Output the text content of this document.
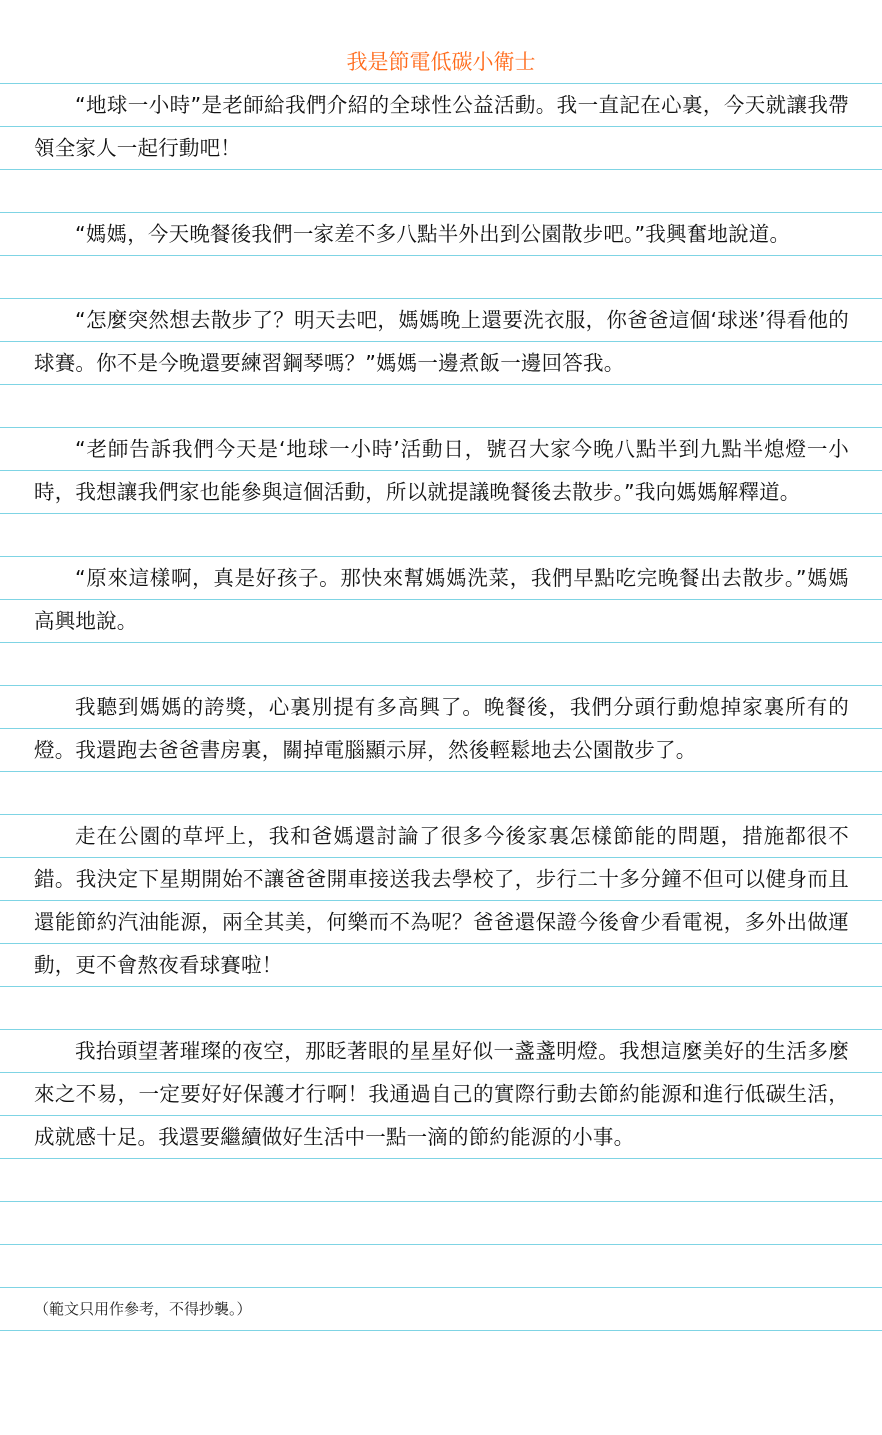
我是節電低碳小衛士

“地球一小時”是老師給我們介紹的全球性公益活動。我一直記在心裏，今天就讓我帶領全家人一起行動吧！

“媽媽，今天晚餐後我們一家差不多八點半外出到公園散步吧。”我興奮地說道。

“怎麼突然想去散步了？明天去吧，媽媽晚上還要洗衣服，你爸爸這個‘球迷’得看他的球賽。你不是今晚還要練習鋼琴嗎？”媽媽一邊煮飯一邊回答我。

“老師告訴我們今天是‘地球一小時’活動日，號召大家今晚八點半到九點半熄燈一小時，我想讓我們家也能參與這個活動，所以就提議晚餐後去散步。”我向媽媽解釋道。

“原來這樣啊，真是好孩子。那快來幫媽媽洗菜，我們早點吃完晚餐出去散步。”媽媽高興地說。

我聽到媽媽的誇獎，心裏別提有多高興了。晚餐後，我們分頭行動熄掉家裏所有的燈。我還跑去爸爸書房裏，關掉電腦顯示屏，然後輕鬆地去公園散步了。

走在公園的草坪上，我和爸媽還討論了很多今後家裏怎樣節能的問題，措施都很不錯。我決定下星期開始不讓爸爸開車接送我去學校了，步行二十多分鐘不但可以健身而且還能節約汽油能源，兩全其美，何樂而不為呢？爸爸還保證今後會少看電視，多外出做運動，更不會熬夜看球賽啦！

我抬頭望著璀璨的夜空，那眨著眼的星星好似一盞盞明燈。我想這麼美好的生活多麼來之不易，一定要好好保護才行啊！我通過自己的實際行動去節約能源和進行低碳生活，成就感十足。我還要繼續做好生活中一點一滴的節約能源的小事。

（範文只用作參考，不得抄襲。）
